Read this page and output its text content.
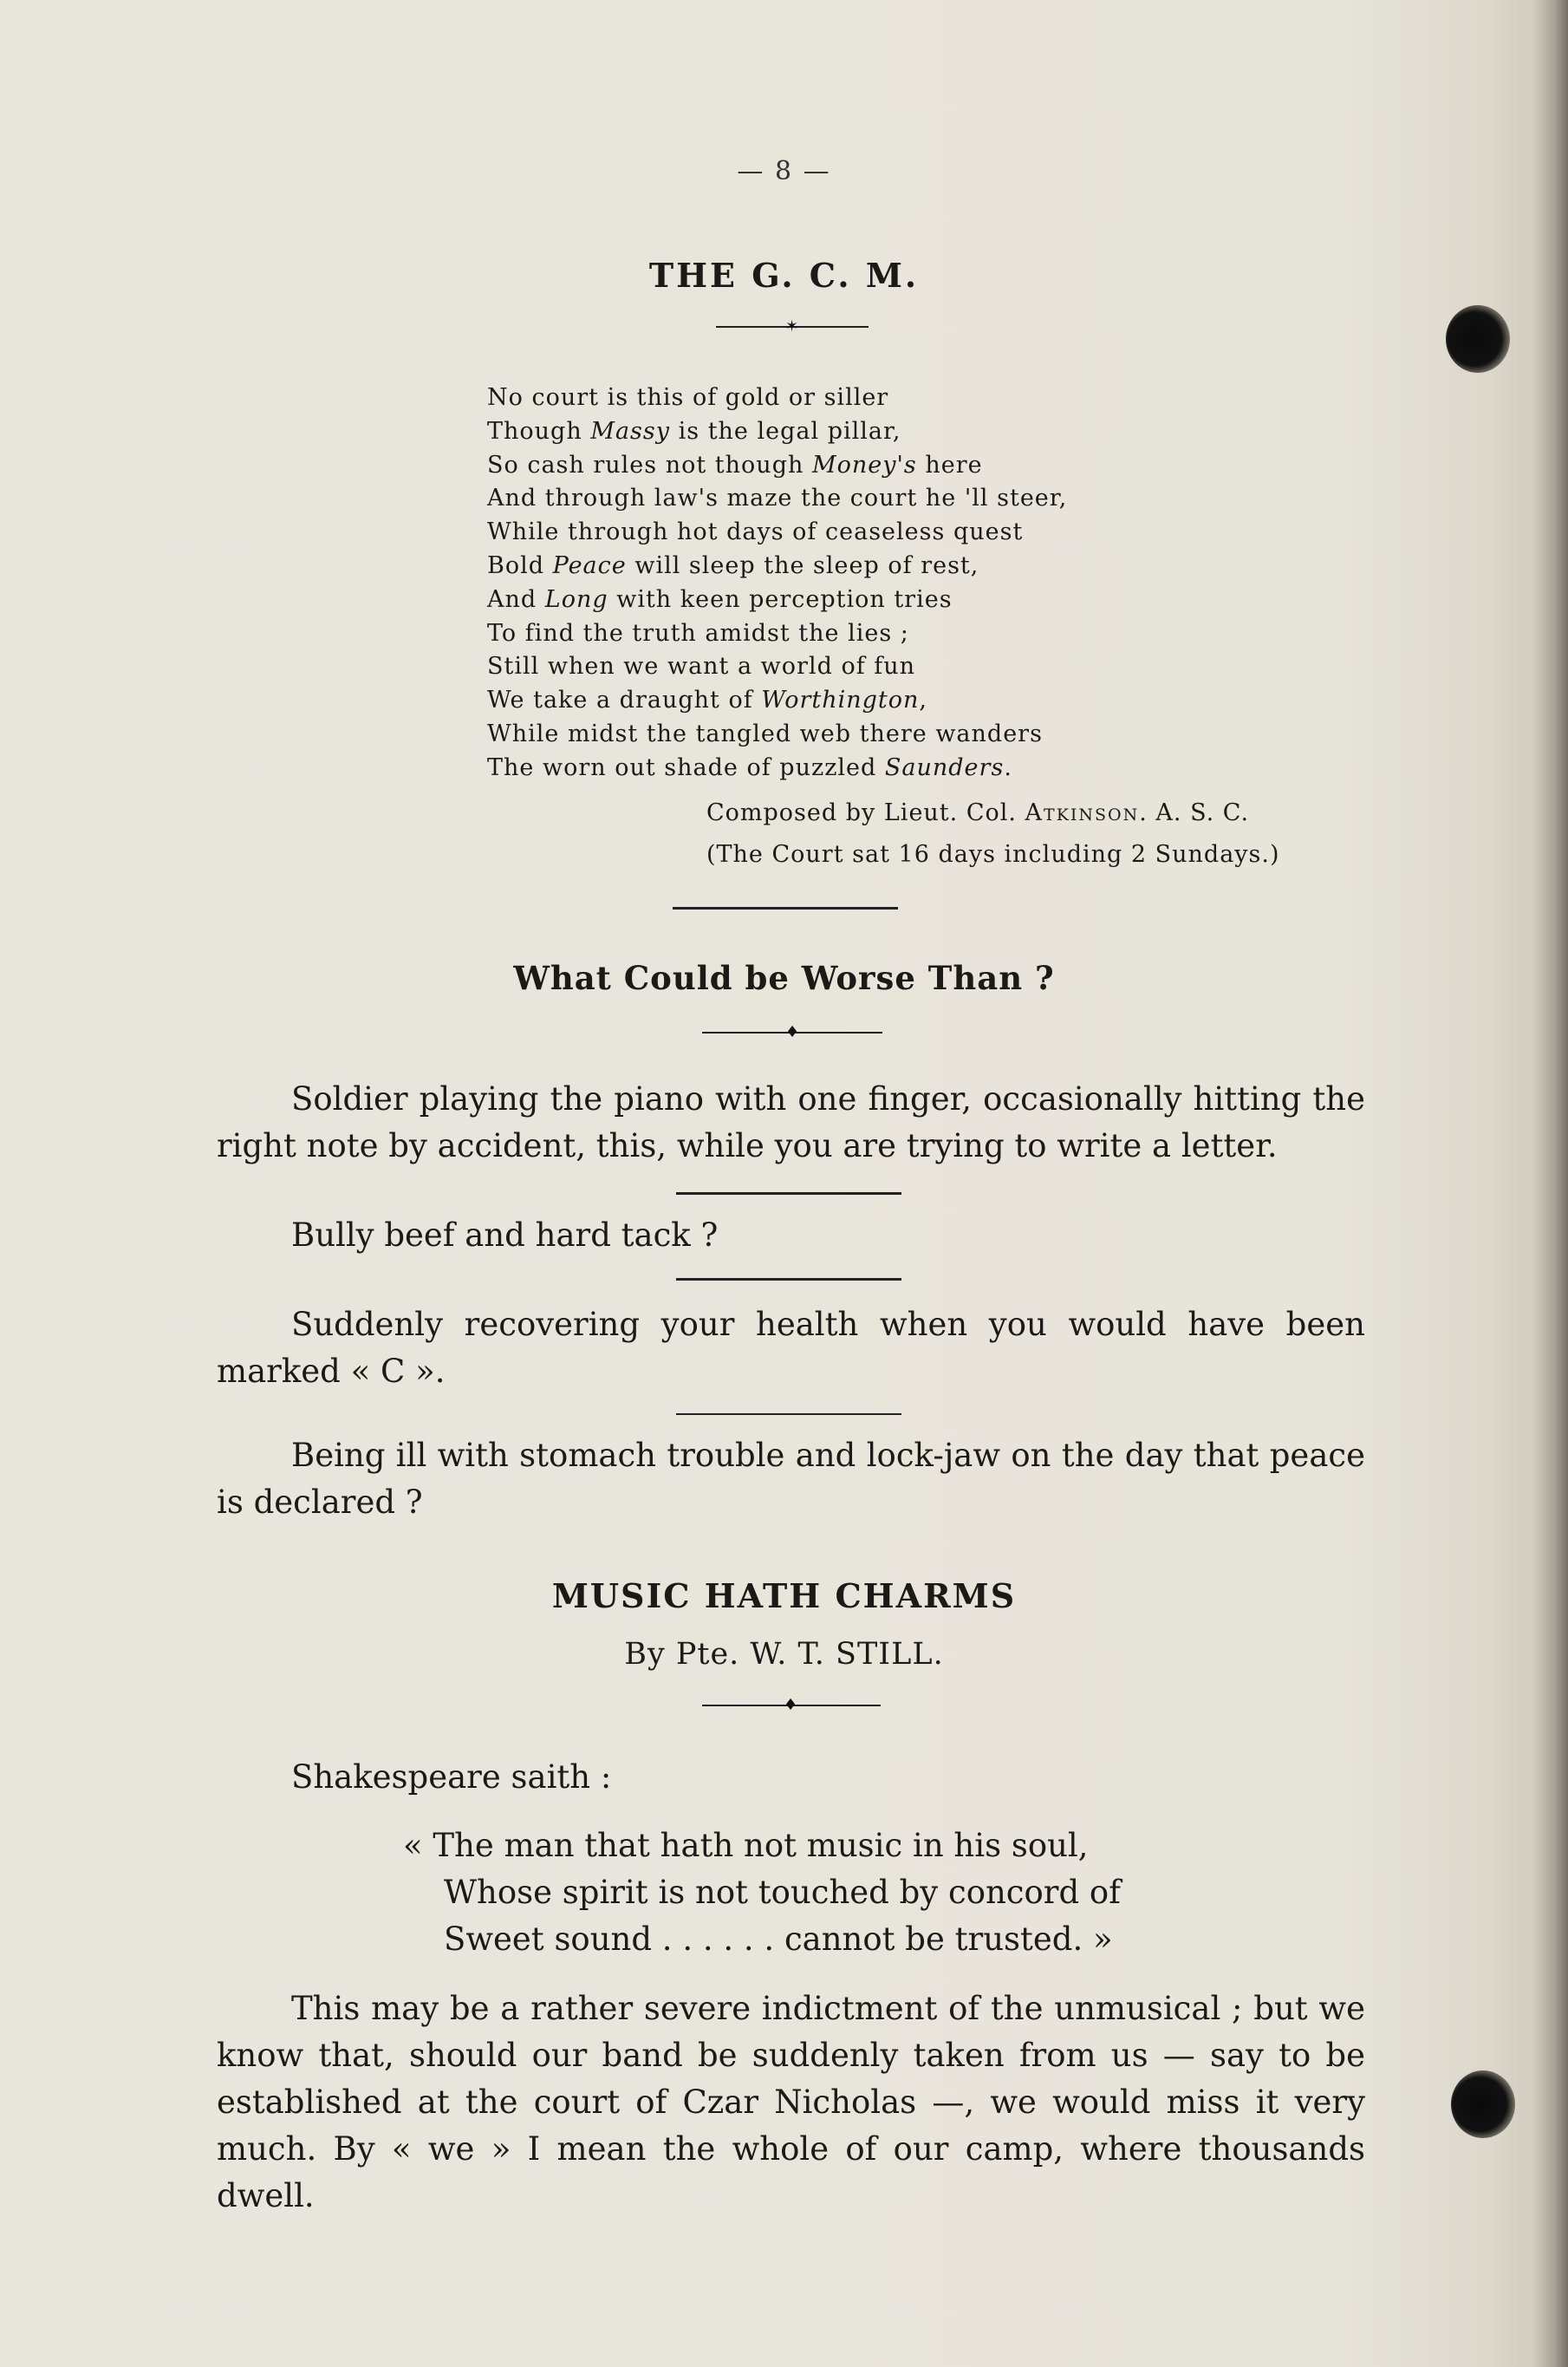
— 8 —
THE G. C. M.
✶
No court is this of gold or siller
Though Massy is the legal pillar,
So cash rules not though Money's here
And through law's maze the court he 'll steer,
While through hot days of ceaseless quest
Bold Peace will sleep the sleep of rest,
And Long with keen perception tries
To find the truth amidst the lies ;
Still when we want a world of fun
We take a draught of Worthington,
While midst the tangled web there wanders
The worn out shade of puzzled Saunders.
Composed by Lieut. Col. Atkinson. A. S. C.
(The Court sat 16 days including 2 Sundays.)
What Could be Worse Than ?
♦
Soldier playing the piano with one finger, occasionally hitting the right note by accident, this, while you are trying to write a letter.
Bully beef and hard tack ?
Suddenly recovering your health when you would have been marked « C ».
Being ill with stomach trouble and lock-jaw on the day that peace is declared ?
MUSIC HATH CHARMS
By Pte. W. T. STILL.
♦
Shakespeare saith :
« The man that hath not music in his soul,
Whose spirit is not touched by concord of
Sweet sound . . . . . . cannot be trusted. »
This may be a rather severe indictment of the unmusical ; but we know that, should our band be suddenly taken from us — say to be established at the court of Czar Nicholas —, we would miss it very much. By « we » I mean the whole of our camp, where thousands dwell.
